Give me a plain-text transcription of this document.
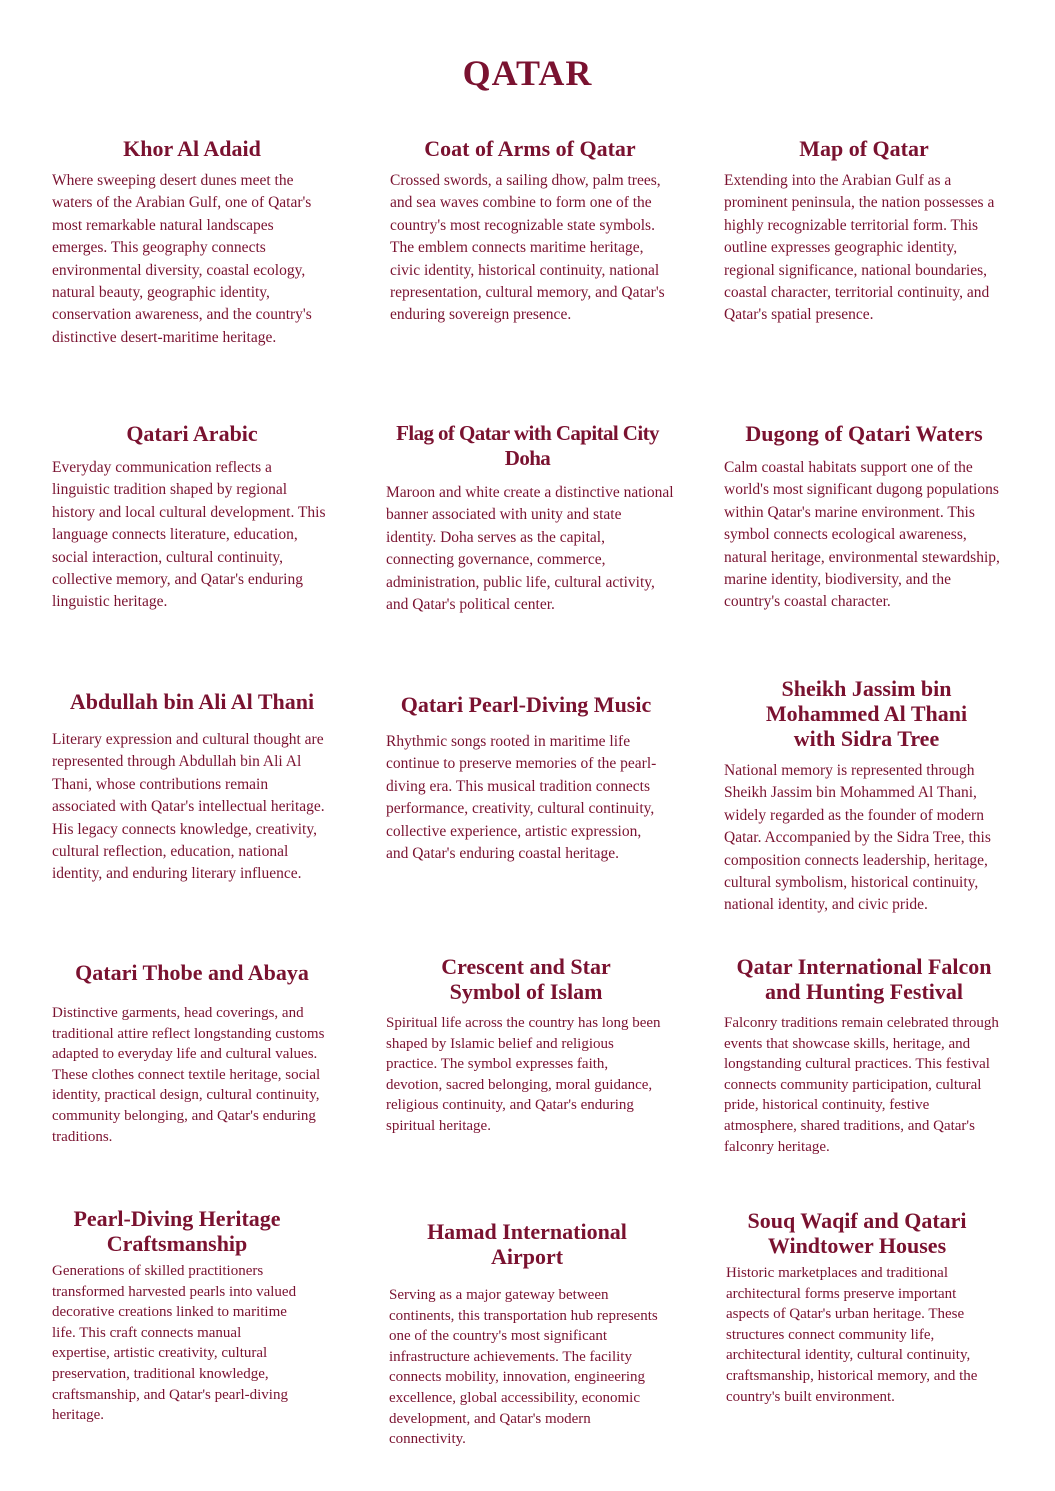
QATAR
Khor Al Adaid

Where sweeping desert dunes meet the waters of the Arabian Gulf, one of Qatar's most remarkable natural landscapes emerges. This geography connects environmental diversity, coastal ecology, natural beauty, geographic identity, conservation awareness, and the country's distinctive desert-maritime heritage.

Coat of Arms of Qatar

Crossed swords, a sailing dhow, palm trees, and sea waves combine to form one of the country's most recognizable state symbols. The emblem connects maritime heritage, civic identity, historical continuity, national representation, cultural memory, and Qatar's enduring sovereign presence.

Map of Qatar

Extending into the Arabian Gulf as a prominent peninsula, the nation possesses a highly recognizable territorial form. This outline expresses geographic identity, regional significance, national boundaries, coastal character, territorial continuity, and Qatar's spatial presence.

Qatari Arabic

Everyday communication reflects a linguistic tradition shaped by regional history and local cultural development. This language connects literature, education, social interaction, cultural continuity, collective memory, and Qatar's enduring linguistic heritage.

Flag of Qatar with Capital City Doha

Maroon and white create a distinctive national banner associated with unity and state identity. Doha serves as the capital, connecting governance, commerce, administration, public life, cultural activity, and Qatar's political center.

Dugong of Qatari Waters

Calm coastal habitats support one of the world's most significant dugong populations within Qatar's marine environment. This symbol connects ecological awareness, natural heritage, environmental stewardship, marine identity, biodiversity, and the country's coastal character.

Abdullah bin Ali Al Thani

Literary expression and cultural thought are represented through Abdullah bin Ali Al Thani, whose contributions remain associated with Qatar's intellectual heritage. His legacy connects knowledge, creativity, cultural reflection, education, national identity, and enduring literary influence.

Qatari Pearl-Diving Music

Rhythmic songs rooted in maritime life continue to preserve memories of the pearl-diving era. This musical tradition connects performance, creativity, cultural continuity, collective experience, artistic expression, and Qatar's enduring coastal heritage.

Sheikh Jassim bin Mohammed Al Thani with Sidra Tree

National memory is represented through Sheikh Jassim bin Mohammed Al Thani, widely regarded as the founder of modern Qatar. Accompanied by the Sidra Tree, this composition connects leadership, heritage, cultural symbolism, historical continuity, national identity, and civic pride.

Qatari Thobe and Abaya

Distinctive garments, head coverings, and traditional attire reflect longstanding customs adapted to everyday life and cultural values. These clothes connect textile heritage, social identity, practical design, cultural continuity, community belonging, and Qatar's enduring traditions.

Crescent and Star Symbol of Islam

Spiritual life across the country has long been shaped by Islamic belief and religious practice. The symbol expresses faith, devotion, sacred belonging, moral guidance, religious continuity, and Qatar's enduring spiritual heritage.

Qatar International Falcon and Hunting Festival

Falconry traditions remain celebrated through events that showcase skills, heritage, and longstanding cultural practices. This festival connects community participation, cultural pride, historical continuity, festive atmosphere, shared traditions, and Qatar's falconry heritage.

Pearl-Diving Heritage Craftsmanship

Generations of skilled practitioners transformed harvested pearls into valued decorative creations linked to maritime life. This craft connects manual expertise, artistic creativity, cultural preservation, traditional knowledge, craftsmanship, and Qatar's pearl-diving heritage.

Hamad International Airport

Serving as a major gateway between continents, this transportation hub represents one of the country's most significant infrastructure achievements. The facility connects mobility, innovation, engineering excellence, global accessibility, economic development, and Qatar's modern connectivity.

Souq Waqif and Qatari Windtower Houses

Historic marketplaces and traditional architectural forms preserve important aspects of Qatar's urban heritage. These structures connect community life, architectural identity, cultural continuity, craftsmanship, historical memory, and the country's built environment.
